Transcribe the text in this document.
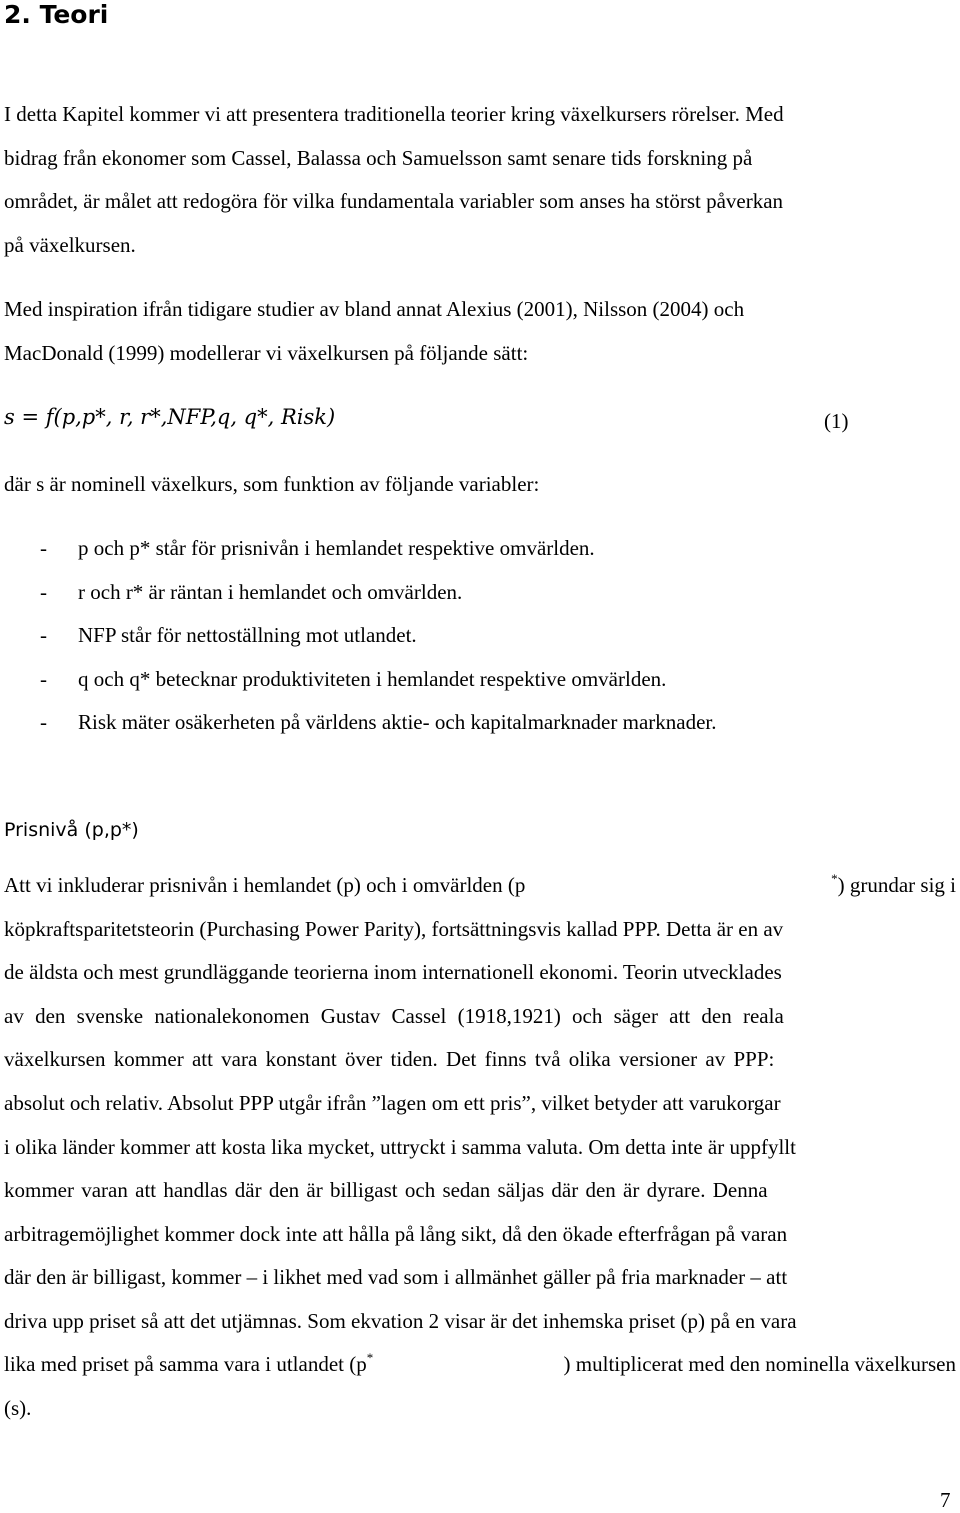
2. Teori
I detta Kapitel kommer vi att presentera traditionella teorier kring växelkursers rörelser. Med
bidrag från ekonomer som Cassel, Balassa och Samuelsson samt senare tids forskning på
området, är målet att redogöra för vilka fundamentala variabler som anses ha störst påverkan
på växelkursen.
Med inspiration ifrån tidigare studier av bland annat Alexius (2001), Nilsson (2004) och
MacDonald (1999) modellerar vi växelkursen på följande sätt:
s = f(p,p*, r, r*,NFP,q, q*, Risk)	(1)
där s är nominell växelkurs, som funktion av följande variabler:
- p och p* står för prisnivån i hemlandet respektive omvärlden.
- r och r* är räntan i hemlandet och omvärlden.
- NFP står för nettoställning mot utlandet.
- q och q* betecknar produktiviteten i hemlandet respektive omvärlden.
- Risk mäter osäkerheten på världens aktie- och kapitalmarknader marknader.
Prisnivå (p,p*)
Att vi inkluderar prisnivån i hemlandet (p) och i omvärlden (p	*) grundar sig i
köpkraftsparitetsteorin (Purchasing Power Parity), fortsättningsvis kallad PPP. Detta är en av
de äldsta och mest grundläggande teorierna inom internationell ekonomi. Teorin utvecklades
av den svenske nationalekonomen Gustav Cassel (1918,1921) och säger att den reala
växelkursen kommer att vara konstant över tiden. Det finns två olika versioner av PPP:
absolut och relativ. Absolut PPP utgår ifrån ”lagen om ett pris”, vilket betyder att varukorgar
i olika länder kommer att kosta lika mycket, uttryckt i samma valuta. Om detta inte är uppfyllt
kommer varan att handlas där den är billigast och sedan säljas där den är dyrare. Denna
arbitragemöjlighet kommer dock inte att hålla på lång sikt, då den ökade efterfrågan på varan
där den är billigast, kommer – i likhet med vad som i allmänhet gäller på fria marknader – att
driva upp priset så att det utjämnas. Som ekvation 2 visar är det inhemska priset (p) på en vara
lika med priset på samma vara i utlandet (p*	) multiplicerat med den nominella växelkursen
(s).
7
